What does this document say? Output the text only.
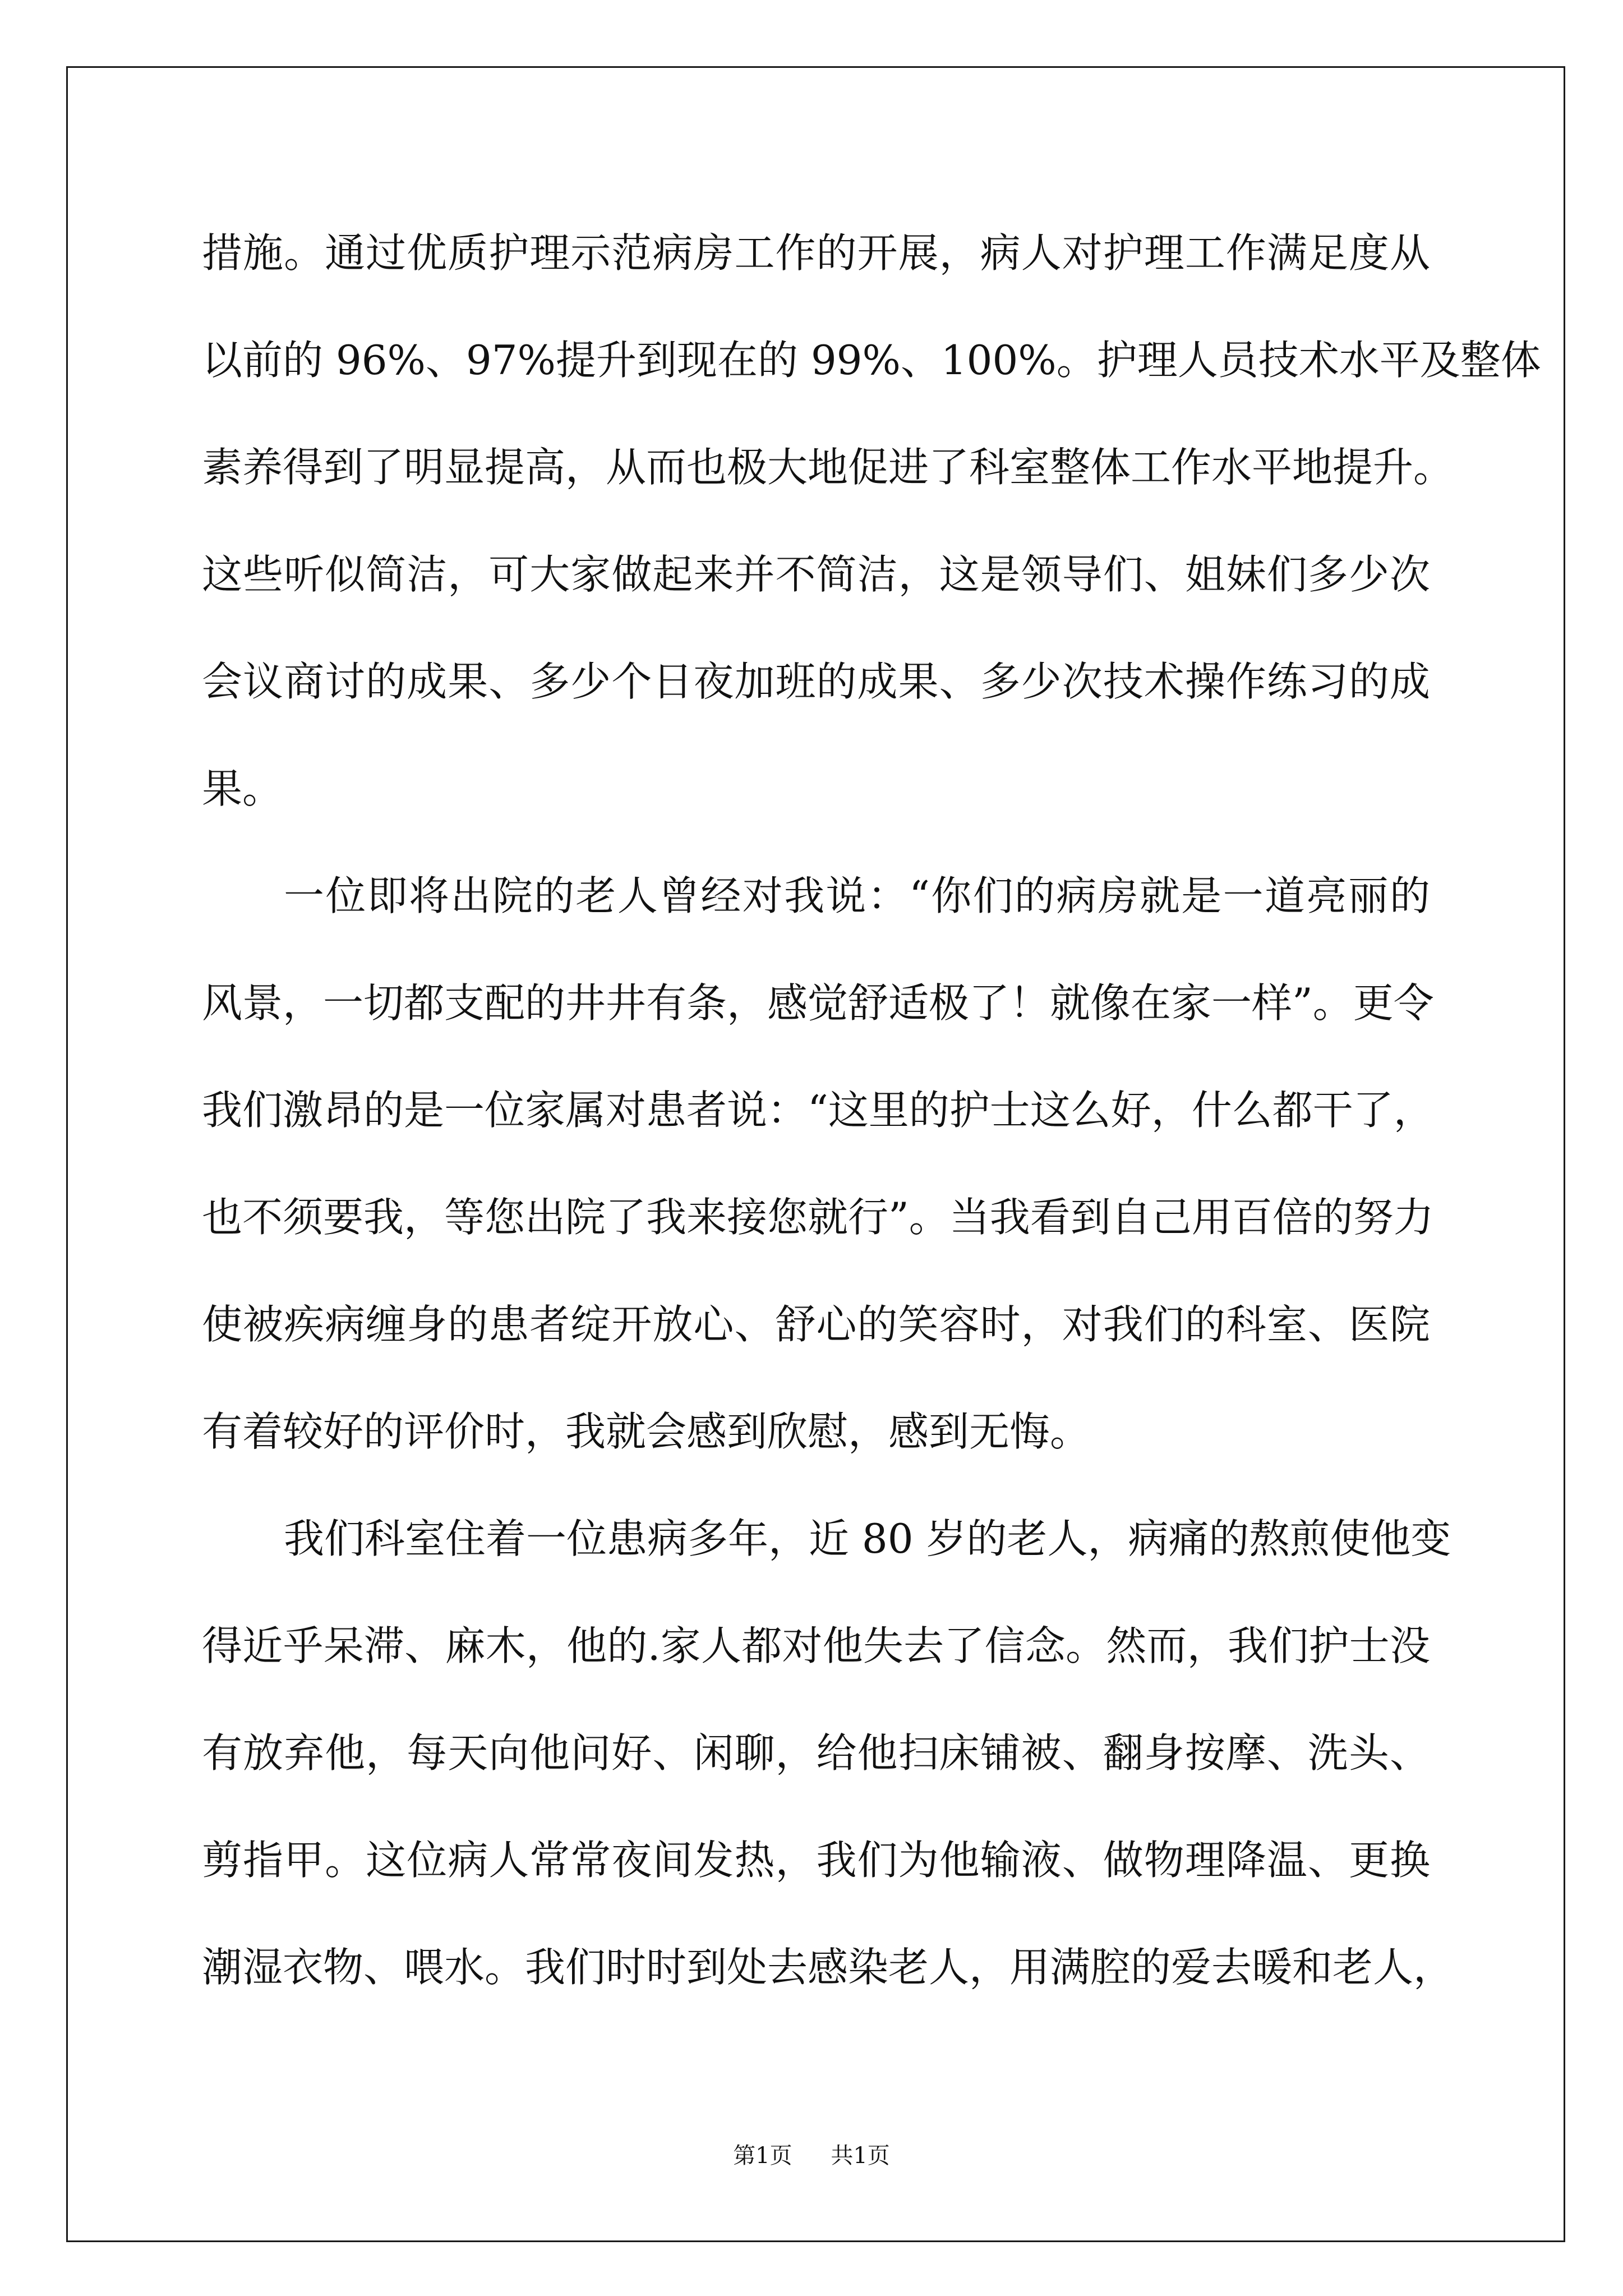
措施。通过优质护理示范病房工作的开展，病人对护理工作满足度从
以前的 96%、97%提升到现在的 99%、100%。护理人员技术水平及整体
素养得到了明显提高，从而也极大地促进了科室整体工作水平地提升。
这些听似简洁，可大家做起来并不简洁，这是领导们、姐妹们多少次
会议商讨的成果、多少个日夜加班的成果、多少次技术操作练习的成
果。
一位即将出院的老人曾经对我说：“你们的病房就是一道亮丽的
风景，一切都支配的井井有条，感觉舒适极了！就像在家一样”。更令
我们激昂的是一位家属对患者说：“这里的护士这么好，什么都干了，
也不须要我，等您出院了我来接您就行”。当我看到自己用百倍的努力
使被疾病缠身的患者绽开放心、舒心的笑容时，对我们的科室、医院
有着较好的评价时，我就会感到欣慰，感到无悔。
我们科室住着一位患病多年，近 80 岁的老人，病痛的熬煎使他变
得近乎呆滞、麻木，他的.家人都对他失去了信念。然而，我们护士没
有放弃他，每天向他问好、闲聊，给他扫床铺被、翻身按摩、洗头、
剪指甲。这位病人常常夜间发热，我们为他输液、做物理降温、更换
潮湿衣物、喂水。我们时时到处去感染老人，用满腔的爱去暖和老人，
第1页 共1页
